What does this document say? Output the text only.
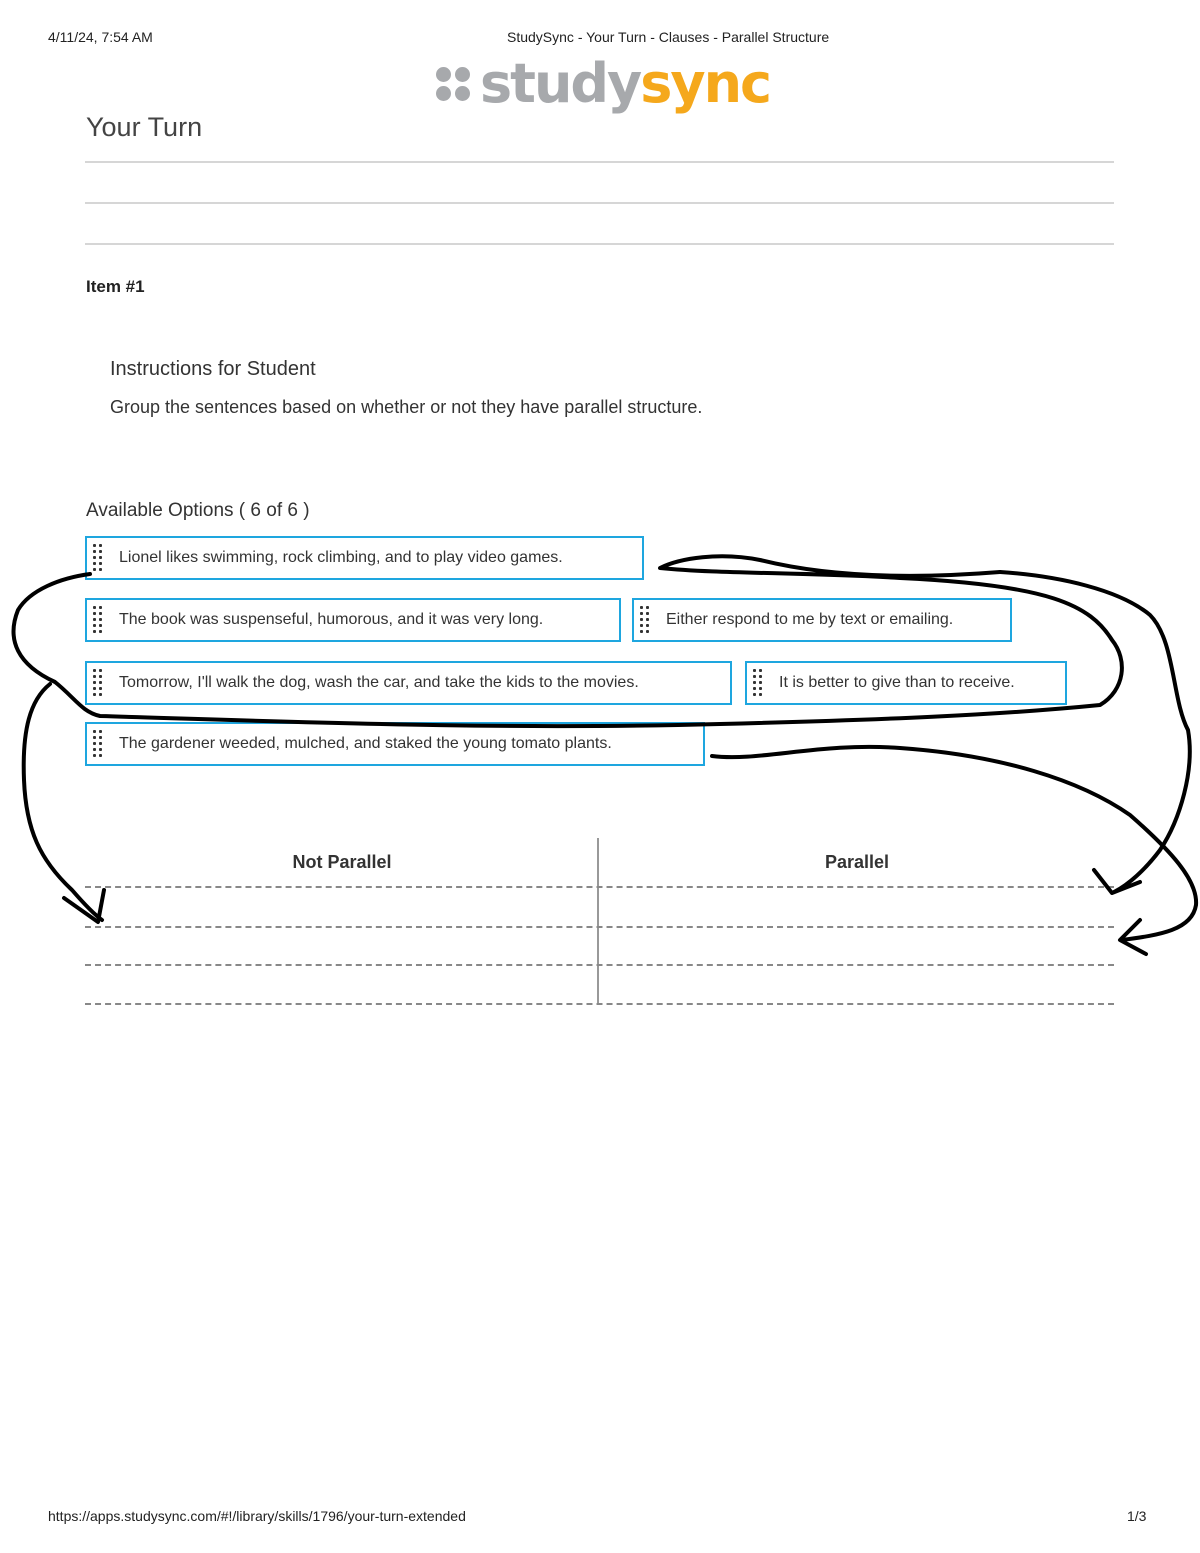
4/11/24, 7:54 AM	StudySync - Your Turn - Clauses - Parallel Structure
study sync
Your Turn
Item #1
Instructions for Student
Group the sentences based on whether or not they have parallel structure.
Available Options ( 6 of 6 )
Lionel likes swimming, rock climbing, and to play video games.
The book was suspenseful, humorous, and it was very long.	Either respond to me by text or emailing.
Tomorrow, I'll walk the dog, wash the car, and take the kids to the movies.	It is better to give than to receive.
The gardener weeded, mulched, and staked the young tomato plants.
Not Parallel	Parallel
https://apps.studysync.com/#!/library/skills/1796/your-turn-extended	1/3
